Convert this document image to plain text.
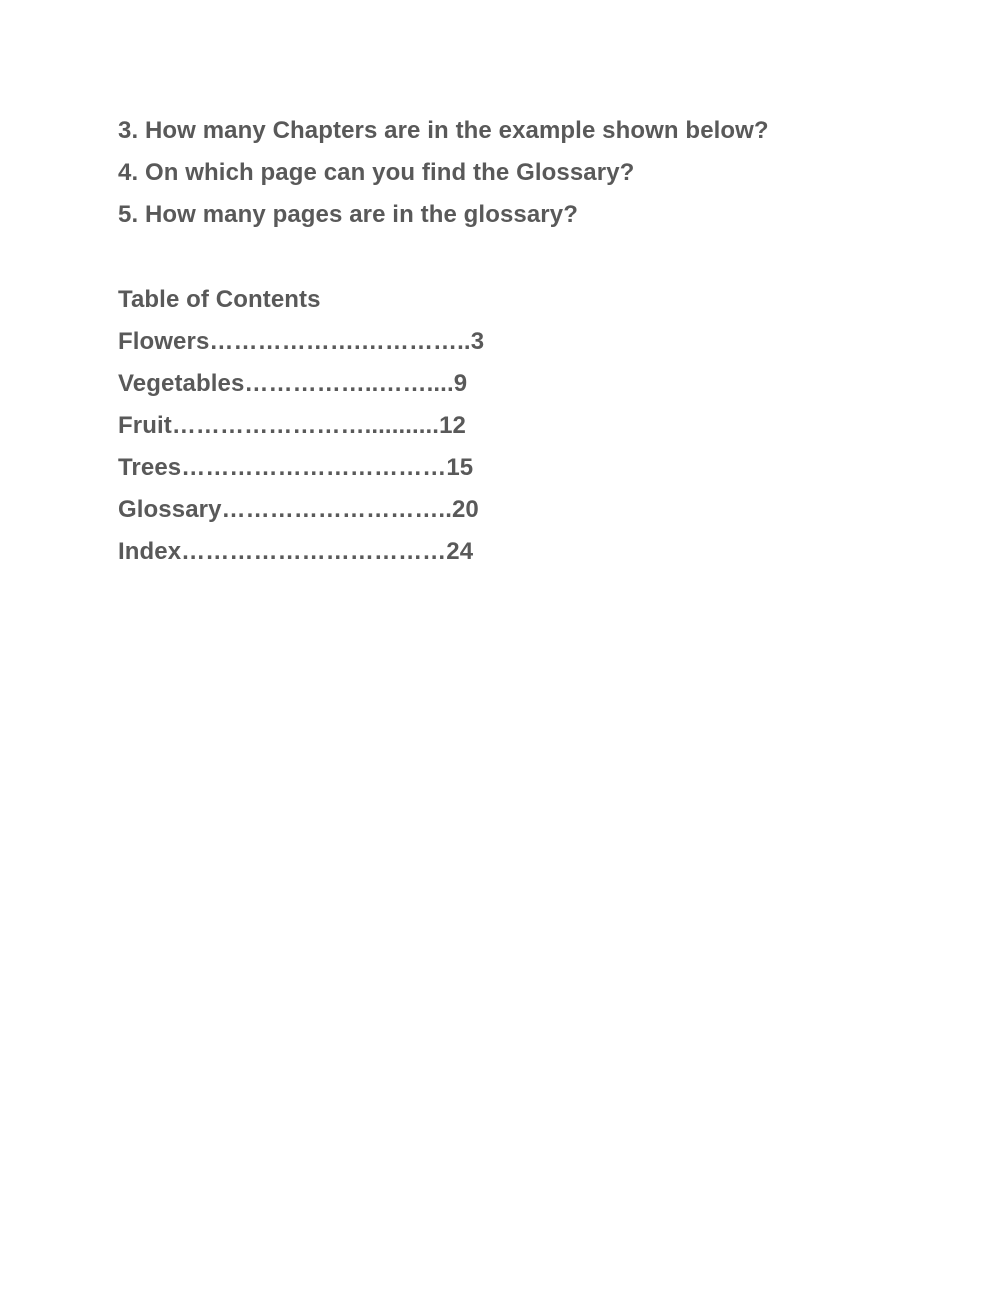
3. How many Chapters are in the example shown below?

4. On which page can you find the Glossary?

5. How many pages are in the glossary?

Table of Contents

Flowers……………….…………..3

Vegetables……………..……....9

Fruit……………………...........12

Trees……………………………15

Glossary………………………..20

Index……………………………24
